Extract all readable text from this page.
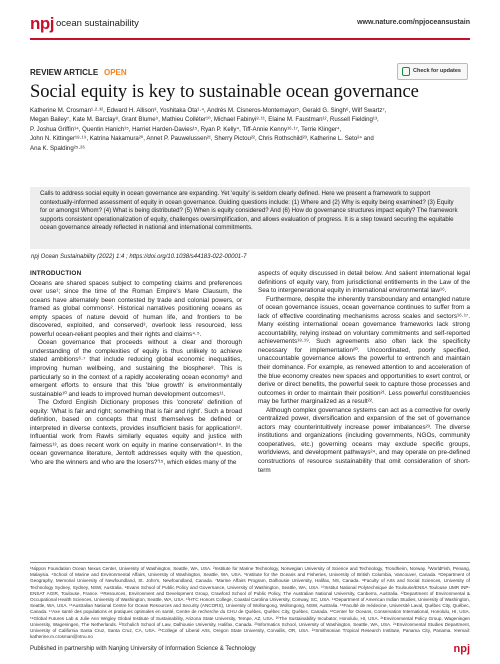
npj ocean sustainability	www.nature.com/npjoceansustain
REVIEW ARTICLE OPEN	Check for updates
Social equity is key to sustainable ocean governance
Katherine M. Crosman¹·²·³², Edward H. Allison³, Yoshitaka Ota¹·⁴, Andrés M. Cisneros-Montemayor⁵, Gerald G. Singh⁶, Wilf Swartz⁷,
Megan Bailey⁷, Kate M. Barclay⁸, Grant Blume⁹, Mathieu Colléter¹⁰, Michael Fabinyi⁸·¹¹, Elaine M. Faustman¹², Russell Fielding¹³,
P. Joshua Griffin¹⁴, Quentin Hanich¹⁵, Harriet Harden-Davies¹⁵, Ryan P. Kelly⁴, Tiff-Annie Kenny¹⁶·¹⁷, Terrie Klinger⁴,
John N. Kittinger¹⁸·¹⁹, Katrina Nakamura²⁰, Annet P. Pauwelussen²¹, Sherry Pictou²², Chris Rothschild²³, Katherine L. Seto²⁴ and
Ana K. Spalding²⁵·²⁶
Calls to address social equity in ocean governance are expanding. Yet 'equity' is seldom clearly defined. Here we present a framework to support contextually-informed assessment of equity in ocean governance. Guiding questions include: (1) Where and (2) Why is equity being examined? (3) Equity for or amongst Whom? (4) What is being distributed? (5) When is equity considered? And (6) How do governance structures impact equity? The framework supports consistent operationalization of equity, challenges oversimplification, and allows evaluation of progress. It is a step toward securing the equitable ocean governance already reflected in national and international commitments.
npj Ocean Sustainability (2022) 1:4 ; https://doi.org/10.1038/s44183-022-00001-7
INTRODUCTION

Oceans are shared spaces subject to competing claims and preferences over use¹; since the time of the Roman Empire's Mare Clausum, the oceans have alternately been contested by trade and colonial powers, or framed as global commons². Historical narratives positioning oceans as empty spaces of nature devoid of human life, and frontiers to be discovered, exploited, and conserved³, overlook less resourced, less powerful ocean-reliant peoples and their rights and claims⁴·⁵.

Ocean governance that proceeds without a clear and thorough understanding of the complexities of equity is thus unlikely to achieve stated ambitions⁶·⁷ that include reducing global economic inequalities, improving human wellbeing, and sustaining the biosphere⁸. This is particularly so in the context of a rapidly accelerating ocean economy⁹ and emergent efforts to ensure that this 'blue growth' is environmentally sustainable¹⁰ and leads to improved human development outcomes¹¹.

The Oxford English Dictionary proposes this 'concrete' definition of equity: 'What is fair and right; something that is fair and right'. Such a broad definition, based on concepts that must themselves be defined or interpreted in diverse contexts, provides insufficient basis for application¹². Influential work from Rawls similarly equates equity and justice with fairness¹³, as does recent work on equity in marine conservation¹⁴. In the ocean governance literature, Jentoft addresses equity with the question, 'who are the winners and who are the losers?'¹⁵, which elides many of the

aspects of equity discussed in detail below. And salient international legal definitions of equity vary, from jurisdictional entitlements in the Law of the Sea to intergenerational equity in international environmental law¹⁶.

Furthermore, despite the inherently transboundary and entangled nature of ocean governance issues, ocean governance continues to suffer from a lack of effective coordinating mechanisms across scales and sectors¹⁶·¹⁷. Many existing international ocean governance frameworks lack strong accountability, relying instead on voluntary commitments and self-reported achievements¹⁸·¹⁹. Such agreements also often lack the specificity necessary for implementation²⁰. Uncoordinated, poorly specified, unaccountable governance allows the powerful to entrench and maintain their dominance. For example, as renewed attention to and acceleration of the blue economy creates new spaces and opportunities to exert control, or derive or direct benefits, the powerful seek to capture those processes and outcomes in order to maintain their position²¹. Less powerful constituencies may be further marginalized as a result²².

Although complex governance systems can act as a corrective for overly centralized power, diversification and expansion of the set of governance actors may counterintuitively increase power imbalances²³. The diverse institutions and organizations (including governments, NGOs, community cooperatives, etc.) governing oceans may exclude specific groups, worldviews, and development pathways²⁴, and may operate on pre-defined constructions of resource sustainability that omit consideration of short-term

¹Nippon Foundation Ocean Nexus Center, University of Washington, Seattle, WA, USA. ²Institute for Marine Technology, Norwegian University of Science and Technology, Trondheim, Norway. ³WorldFish, Penang, Malaysia. ⁴School of Marine and Environmental Affairs, University of Washington, Seattle, WA, USA. ⁵Institute for the Oceans and Fisheries, University of British Columbia, Vancouver, Canada. ⁶Department of Geography, Memorial University of Newfoundland, St. John's, Newfoundland, Canada. ⁷Marine Affairs Program, Dalhousie University, Halifax, NS, Canada. ⁸Faculty of Arts and Social Sciences, University of Technology Sydney, Sydney, NSW, Australia. ⁹Evans School of Public Policy and Governance, University of Washington, Seattle, WA, USA. ¹⁰Institut National Polytechnique de Toulouse/ENSA Toulouse UMR INP-ENSAT AGIR, Toulouse, France. ¹¹Resources, Environment and Development Group, Crawford School of Public Policy, The Australian National University, Canberra, Australia. ¹²Department of Environmental & Occupational Health Sciences, University of Washington, Seattle, WA, USA. ¹³HTC Honors College, Coastal Carolina University, Conway, SC, USA. ¹⁴Department of American Indian Studies, University of Washington, Seattle, WA, USA. ¹⁵Australian National Centre for Ocean Resources and Security (ANCORS), University of Wollongong, Wollongong, NSW, Australia. ¹⁶Faculté de médecine, Université Laval, Québec City, Québec, Canada. ¹⁷Axe santé des populations et pratiques optimales en santé, Centre de recherche du CHU de Québec, Québec City, Québec, Canada. ¹⁸Center for Oceans, Conservation International, Honolulu, HI, USA. ¹⁹Global Futures Lab & Julie Ann Wrigley Global Institute of Sustainability, Arizona State University, Tempe, AZ, USA. ²⁰The Sustainability Incubator, Honolulu, HI, USA. ²¹Environmental Policy Group, Wageningen University, Wageningen, The Netherlands. ²²Schulich School of Law, Dalhousie University, Halifax, Canada. ²³Informatics School, University of Washington, Seattle, WA, USA. ²⁴Environmental Studies Department, University of California Santa Cruz, Santa Cruz, CA, USA. ²⁵College of Liberal Arts, Oregon State University, Corvallis, OR, USA. ²⁶Smithsonian Tropical Research Institute, Panama City, Panama. ✉email: katherine.m.crosman@ntnu.no
Published in partnership with Nanjing University of Information Science & Technology	npj
